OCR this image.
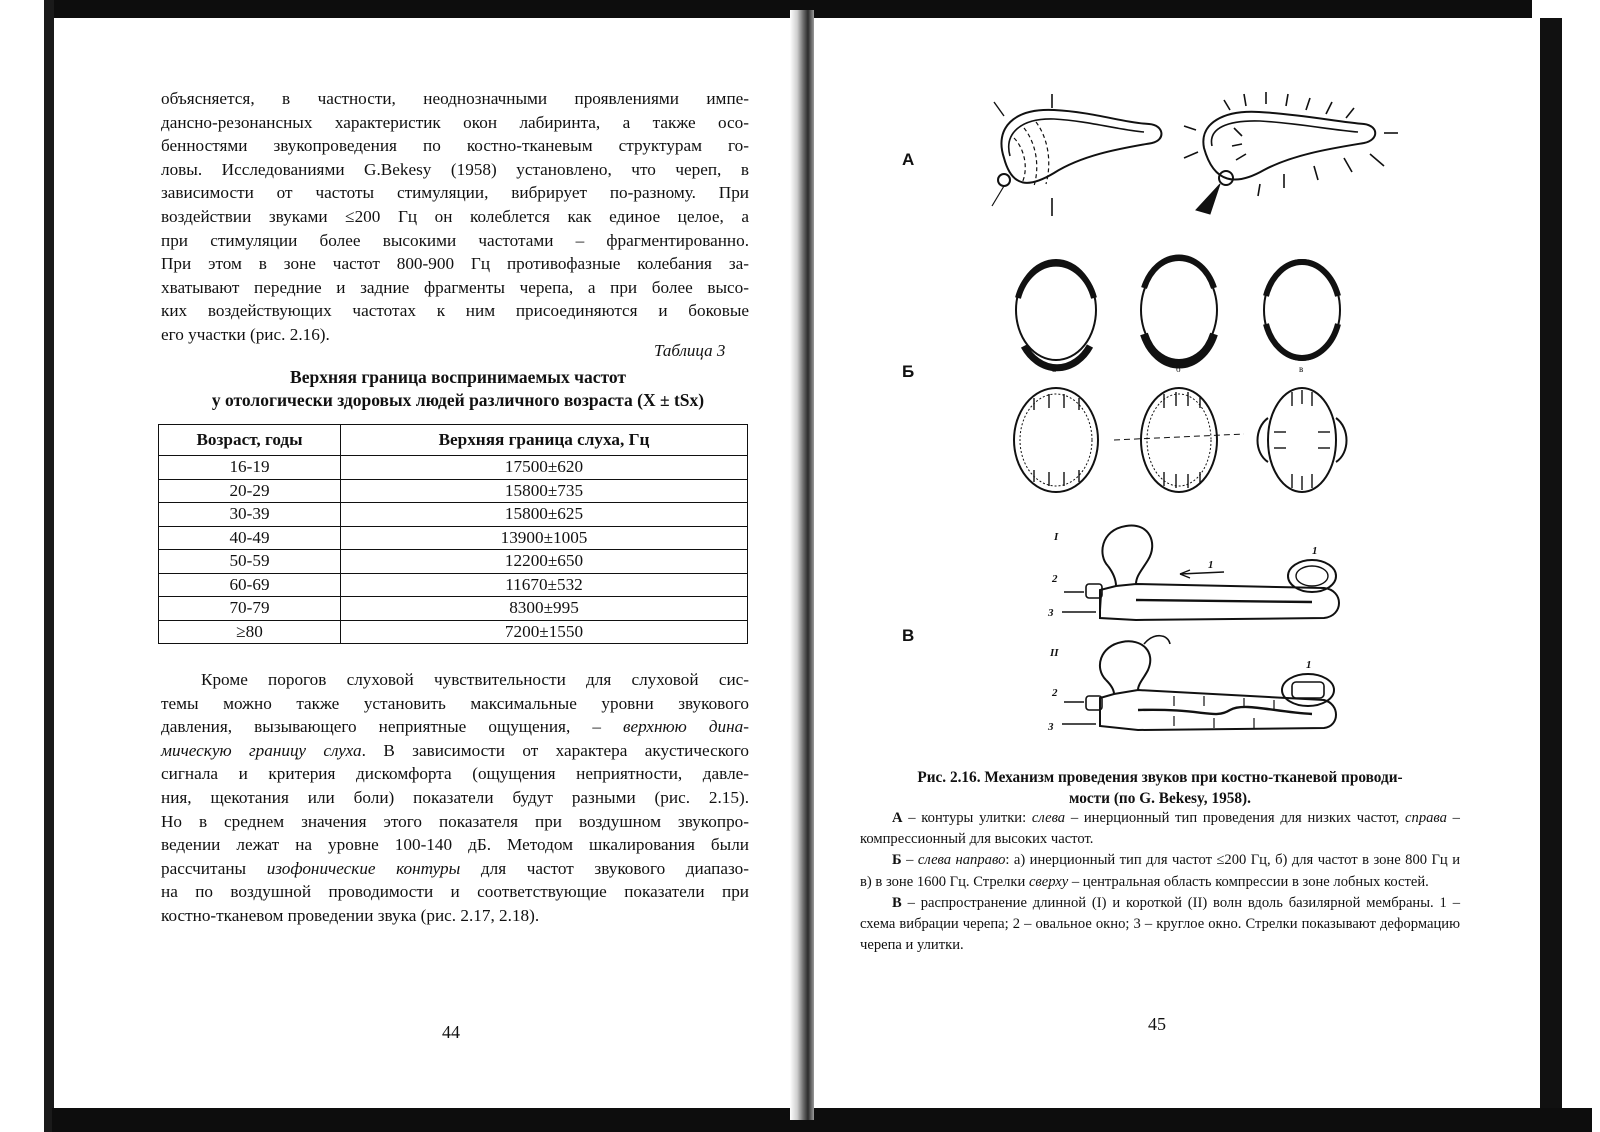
объясняется, в частности, неоднозначными проявлениями импе-
дансно-резонансных характеристик окон лабиринта, а также осо-
бенностями звукопроведения по костно-тканевым структурам го-
ловы. Исследованиями G.Bekesy (1958) установлено, что череп, в
зависимости от частоты стимуляции, вибрирует по-разному. При
воздействии звуками ≤200 Гц он колеблется как единое целое, а
при стимуляции более высокими частотами – фрагментированно.
При этом в зоне частот 800-900 Гц противофазные колебания за-
хватывают передние и задние фрагменты черепа, а при более высо-
ких воздействующих частотах к ним присоединяются и боковые
его участки (рис. 2.16).
Таблица 3
Верхняя граница воспринимаемых частот
у отологически здоровых людей различного возраста (X ± tSx)
Возраст, годы	Верхняя граница слуха, Гц
16-19	17500±620
20-29	15800±735
30-39	15800±625
40-49	13900±1005
50-59	12200±650
60-69	11670±532
70-79	8300±995
≥80	7200±1550
Кроме порогов слуховой чувствительности для слуховой сис-
темы можно также установить максимальные уровни звукового
давления, вызывающего неприятные ощущения, – верхнюю дина-
мическую границу слуха. В зависимости от характера акустического
сигнала и критерия дискомфорта (ощущения неприятности, давле-
ния, щекотания или боли) показатели будут разными (рис. 2.15).
Но в среднем значения этого показателя при воздушном звукопро-
ведении лежат на уровне 100-140 дБ. Методом шкалирования были
рассчитаны изофонические контуры для частот звукового диапазо-
на по воздушной проводимости и соответствующие показатели при
костно-тканевом проведении звука (рис. 2.17, 2.18).
44
А
Б
В
а	б	в
I
II
1
1
2
3
1
2
3
Рис. 2.16. Механизм проведения звуков при костно-тканевой проводи-
мости (по G. Bekesy, 1958).

А – контуры улитки: слева – инерционный тип проведения для низких частот, справа – компрессионный для высоких частот.

Б – слева направо: а) инерционный тип для частот ≤200 Гц, б) для частот в зоне 800 Гц и в) в зоне 1600 Гц. Стрелки сверху – центральная область компрессии в зоне лобных костей.

В – распространение длинной (I) и короткой (II) волн вдоль базилярной мембраны. 1 – схема вибрации черепа; 2 – овальное окно; 3 – круглое окно. Стрелки показывают деформацию черепа и улитки.

45
